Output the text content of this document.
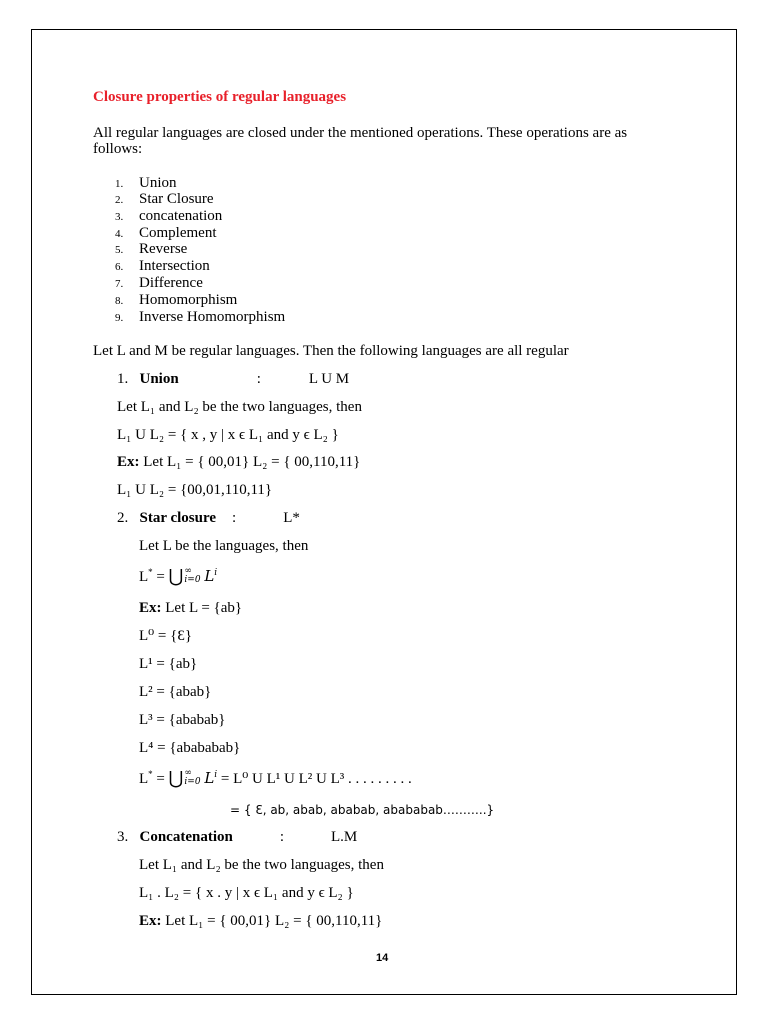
Closure properties of regular languages
All regular languages are closed under the mentioned operations. These operations are as
follows:
1. Union
2. Star Closure
3. concatenation
4. Complement
5. Reverse
6. Intersection
7. Difference
8. Homomorphism
9. Inverse Homomorphism
Let L and M be regular languages. Then the following languages are all regular
1. Union	:	L U M
Let L₁ and L₂ be the two languages, then
L₁ U L₂ = { x , y | x ϵ L₁ and y ϵ L₂ }
Ex: Let L₁ = { 00,01} L₂ = { 00,110,11}
L₁ U L₂ = {00,01,110,11}
2. Star closure :	L*
Let L be the languages, then
L* = ⋃ ∞
i=0 $L^i$
Ex: Let L = {ab}
L⁰ = {Ɛ}
L¹ = {ab}
L² = {abab}
L³ = {ababab}
L⁴ = {abababab}
L* = ⋃ ∞
i=0 $L^i = L^0$ U L¹ U L² U L³ . . . . . . . . .
= { Ɛ, ab, abab, ababab, abababab………..}
3. Concatenation	:	L.M
Let L₁ and L₂ be the two languages, then
L₁ . L₂ = { x . y | x ϵ L₁ and y ϵ L₂ }
Ex: Let L₁ = { 00,01} L₂ = { 00,110,11}
14
